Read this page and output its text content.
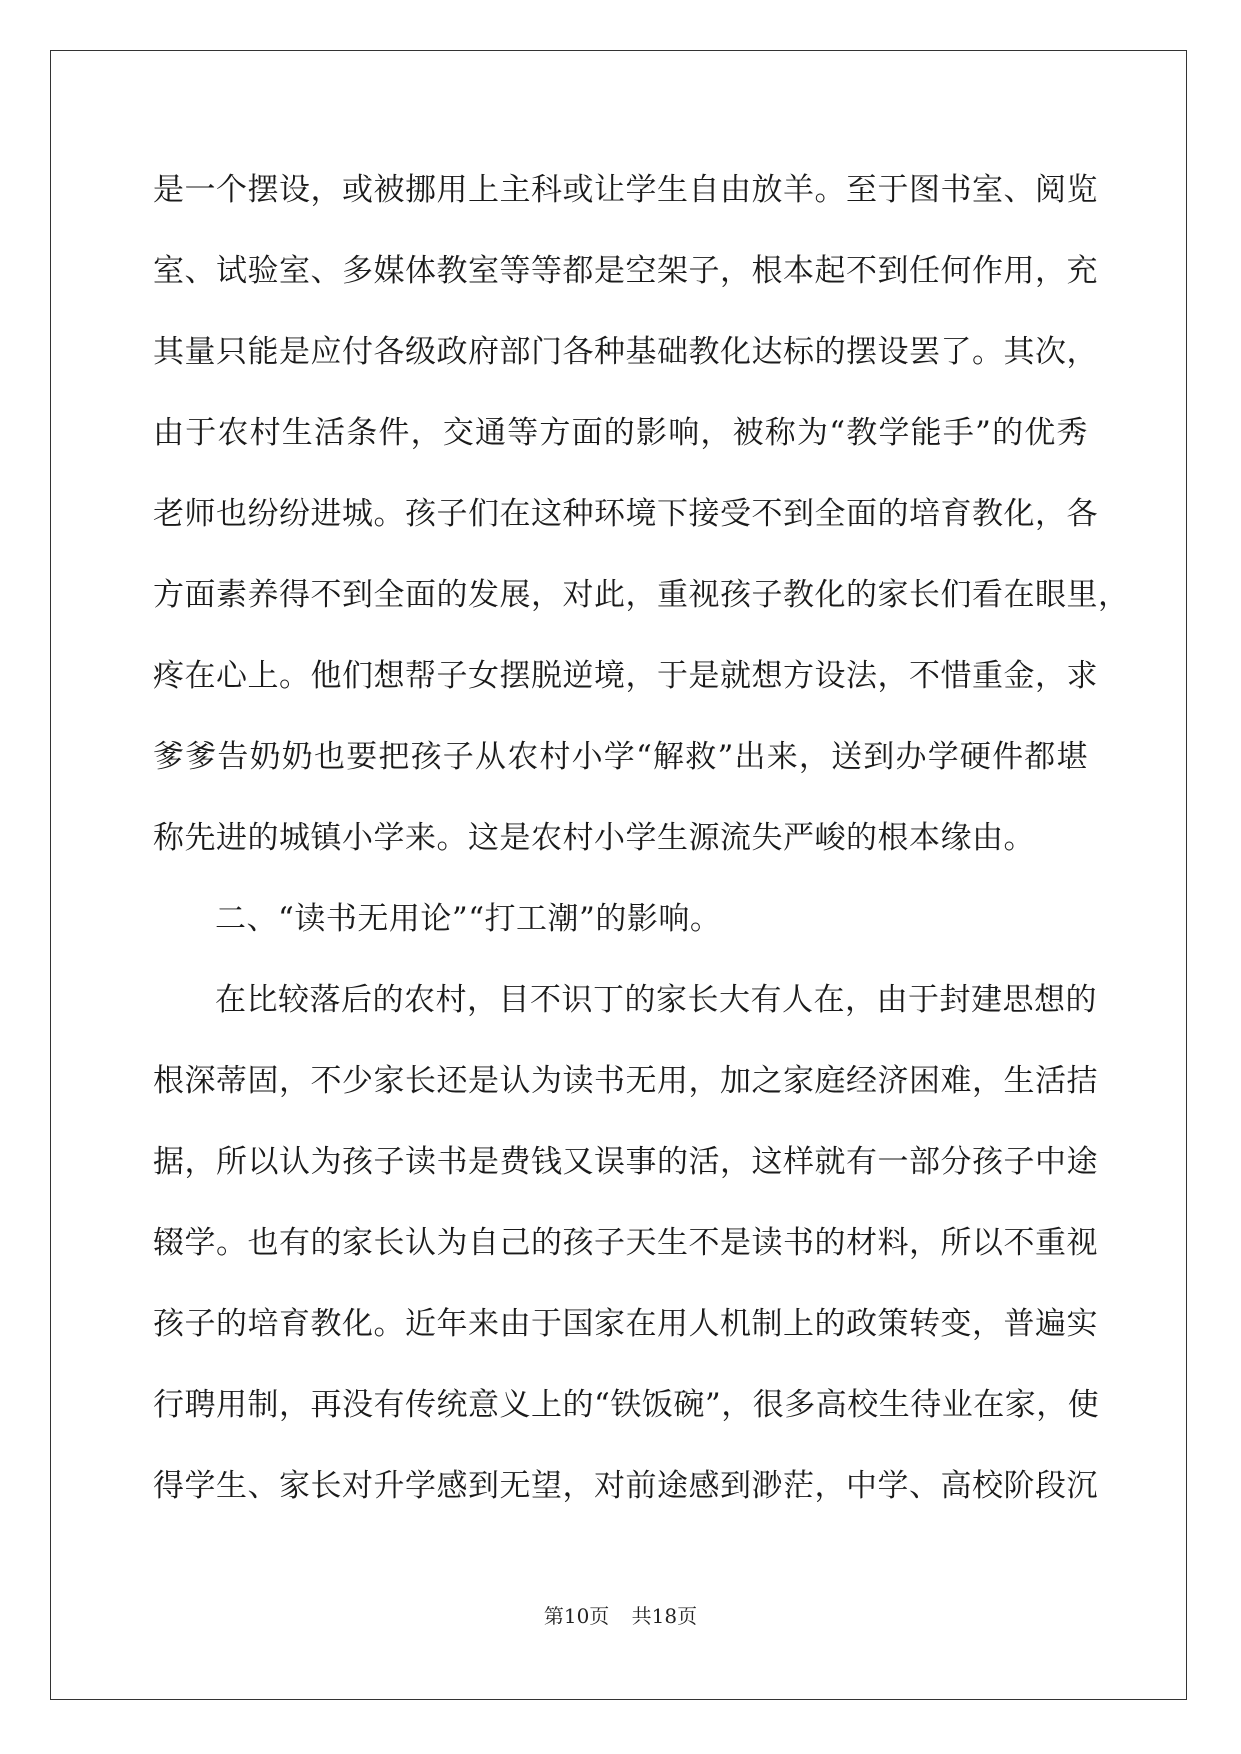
是一个摆设，或被挪用上主科或让学生自由放羊。至于图书室、阅览
室、试验室、多媒体教室等等都是空架子，根本起不到任何作用，充
其量只能是应付各级政府部门各种基础教化达标的摆设罢了。其次，
由于农村生活条件，交通等方面的影响，被称为“教学能手”的优秀
老师也纷纷进城。孩子们在这种环境下接受不到全面的培育教化，各
方面素养得不到全面的发展，对此，重视孩子教化的家长们看在眼里，
疼在心上。他们想帮子女摆脱逆境，于是就想方设法，不惜重金，求
爹爹告奶奶也要把孩子从农村小学“解救”出来，送到办学硬件都堪
称先进的城镇小学来。这是农村小学生源流失严峻的根本缘由。
二、“读书无用论”“打工潮”的影响。
在比较落后的农村，目不识丁的家长大有人在，由于封建思想的
根深蒂固，不少家长还是认为读书无用，加之家庭经济困难，生活拮
据，所以认为孩子读书是费钱又误事的活，这样就有一部分孩子中途
辍学。也有的家长认为自己的孩子天生不是读书的材料，所以不重视
孩子的培育教化。近年来由于国家在用人机制上的政策转变，普遍实
行聘用制，再没有传统意义上的“铁饭碗”，很多高校生待业在家，使
得学生、家长对升学感到无望，对前途感到渺茫，中学、高校阶段沉
第10页 共18页
